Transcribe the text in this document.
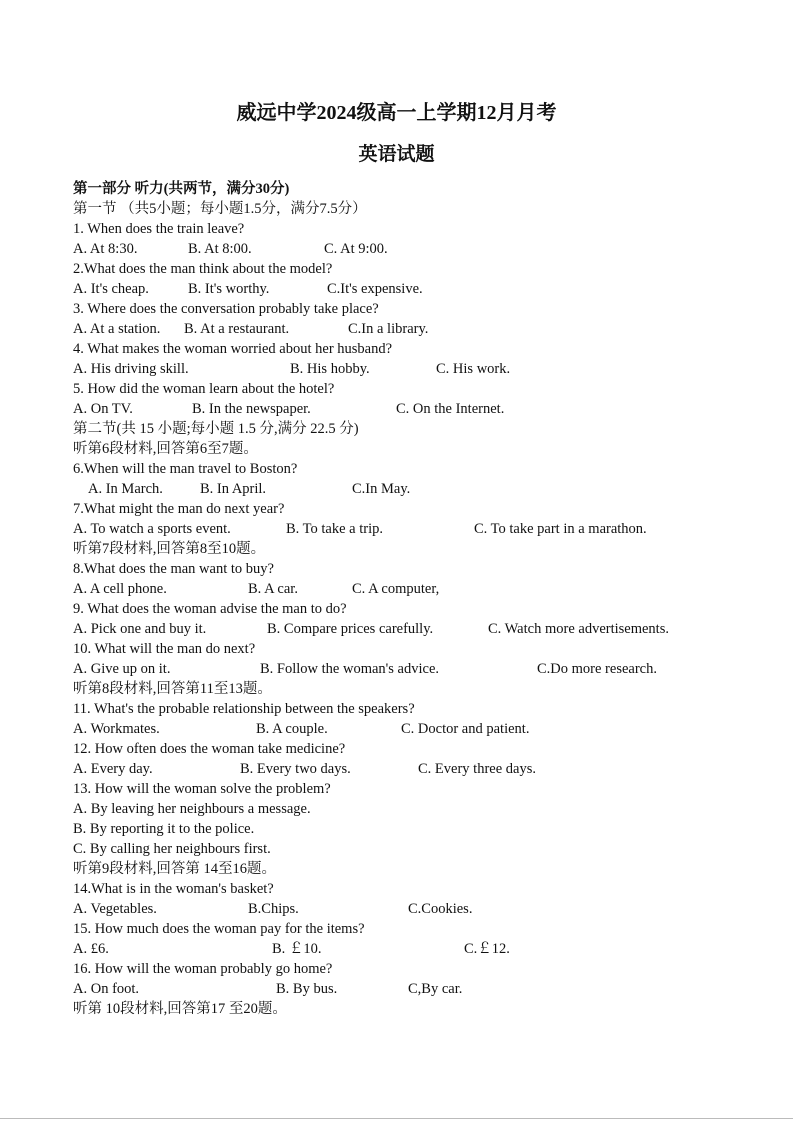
威远中学2024级高一上学期12月月考
英语试题
第一部分 听力(共两节，满分30分)
第一节 （共5小题；每小题1.5分，满分7.5分）
1. When does the train leave?
A. At 8:30.	B. At 8:00.	C. At 9:00.
2.What does the man think about the model?
A. It's cheap.	B. It's worthy.	C.It's expensive.
3. Where does the conversation probably take place?
A. At a station. B. At a restaurant.	C.In a library.
4. What makes the woman worried about her husband?
A. His driving skill.	B. His hobby.	C. His work.
5. How did the woman learn about the hotel?
A. On TV.	B. In the newspaper.	C. On the Internet.
第二节(共 15 小题;每小题 1.5 分,满分 22.5 分)
听第6段材料,回答第6至7题。
6.When will the man travel to Boston?
A. In March.	B. In April.	C.In May.
7.What might the man do next year?
A. To watch a sports event.	B. To take a trip.	C. To take part in a marathon.
听第7段材料,回答第8至10题。
8.What does the man want to buy?
A. A cell phone.	B. A car.	C. A computer,
9. What does the woman advise the man to do?
A. Pick one and buy it.	B. Compare prices carefully.	C. Watch more advertisements.
10. What will the man do next?
A. Give up on it.	B. Follow the woman's advice.	C.Do more research.
听第8段材料,回答第11至13题。
11. What's the probable relationship between the speakers?
A. Workmates.	B. A couple.	C. Doctor and patient.
12. How often does the woman take medicine?
A. Every day.	B. Every two days.	C. Every three days.
13. How will the woman solve the problem?
A. By leaving her neighbours a message.
B. By reporting it to the police.
C. By calling her neighbours first.
听第9段材料,回答第 14至16题。
14.What is in the woman's basket?
A. Vegetables.	B.Chips.	C.Cookies.
15. How much does the woman pay for the items?
A. £6.	B. ￡10.	C.￡12.
16. How will the woman probably go home?
A. On foot.	B. By bus.	C,By car.
听第 10段材料,回答第17 至20题。
